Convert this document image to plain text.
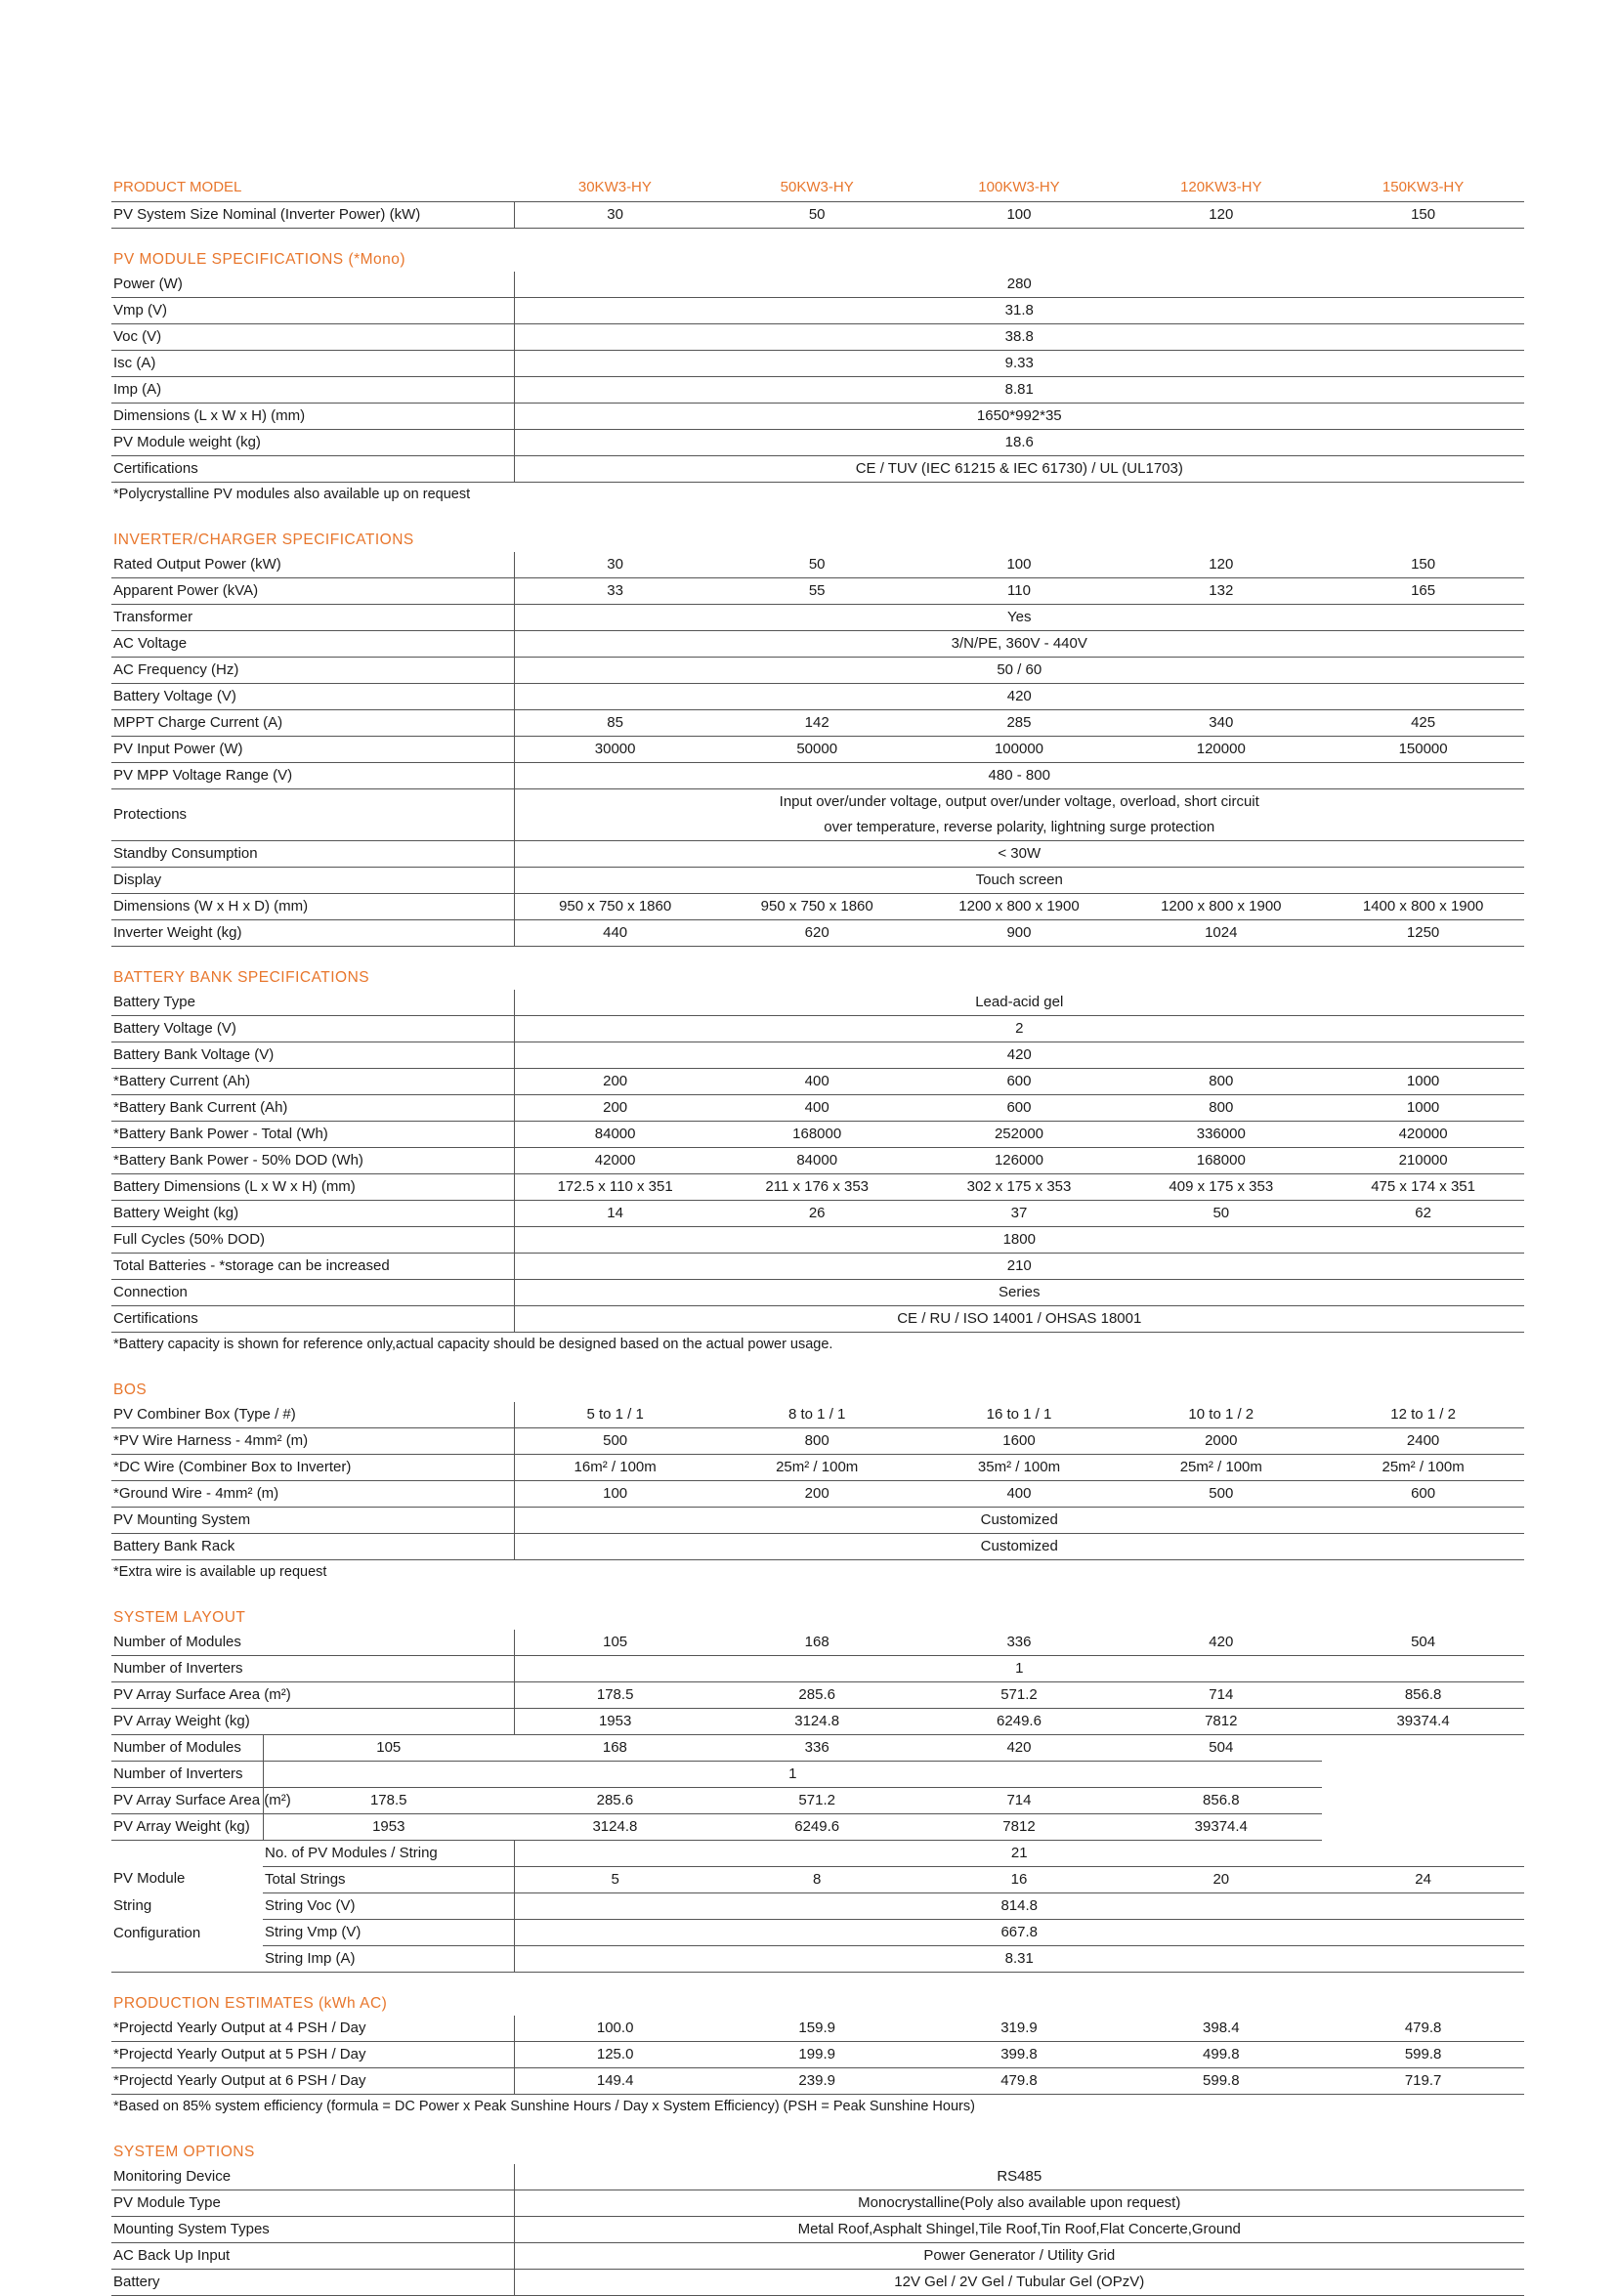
PRODUCT MODEL	30KW3-HY	50KW3-HY	100KW3-HY	120KW3-HY	150KW3-HY
PV System Size Nominal (Inverter Power) (kW)	30	50	100	120	150
PV MODULE SPECIFICATIONS (*Mono)
Power (W)	280
Vmp (V)	31.8
Voc (V)	38.8
Isc (A)	9.33
Imp (A)	8.81
Dimensions (L x W x H) (mm)	1650*992*35
PV Module weight (kg)	18.6
Certifications	CE / TUV (IEC 61215 & IEC 61730) / UL (UL1703)
*Polycrystalline PV modules also available up on request
INVERTER/CHARGER SPECIFICATIONS
Rated Output Power (kW)	30	50	100	120	150
Apparent Power (kVA)	33	55	110	132	165
Transformer	Yes				
AC Voltage	3/N/PE, 360V - 440V				
AC Frequency (Hz)	50 / 60				
Battery Voltage (V)	420				
MPPT Charge Current (A)	85	142	285	340	425
PV Input Power (W)	30000	50000	100000	120000	150000
PV MPP Voltage Range (V)	480 - 800				
Protections	Input over/under voltage, output over/under voltage, overload, short circuit
over temperature, reverse polarity, lightning surge protection				

Standby Consumption	< 30W				
Display	Touch screen				
Dimensions (W x H x D) (mm)	950 x 750 x 1860	950 x 750 x 1860	1200 x 800 x 1900	1200 x 800 x 1900	1400 x 800 x 1900
Inverter Weight (kg)	440	620	900	1024	1250
BATTERY BANK SPECIFICATIONS
Battery Type	Lead-acid gel				
Battery Voltage (V)	2				
Battery Bank Voltage (V)	420				
*Battery Current (Ah)	200	400	600	800	1000
*Battery Bank Current (Ah)	200	400	600	800	1000
*Battery Bank Power - Total (Wh)	84000	168000	252000	336000	420000
*Battery Bank Power - 50% DOD (Wh)	42000	84000	126000	168000	210000
Battery Dimensions (L x W x H) (mm)	172.5 x 110 x 351	211 x 176 x 353	302 x 175 x 353	409 x 175 x 353	475 x 174 x 351
Battery Weight (kg)	14	26	37	50	62
Full Cycles (50% DOD)	1800				
Total Batteries - *storage can be increased	210				
Connection	Series				
Certifications	CE / RU / ISO 14001 / OHSAS 18001				
*Battery capacity is shown for reference only,actual capacity should be designed based on the actual power usage.
BOS
PV Combiner Box (Type / #)	5 to 1 / 1	8 to 1 / 1	16 to 1 / 1	10 to 1 / 2	12 to 1 / 2
*PV Wire Harness - 4mm² (m)	500	800	1600	2000	2400
*DC Wire (Combiner Box to Inverter)	16m² / 100m	25m² / 100m	35m² / 100m	25m² / 100m	25m² / 100m
*Ground Wire - 4mm² (m)	100	200	400	500	600
PV Mounting System	Customized				
Battery Bank Rack	Customized				
*Extra wire is available up request
SYSTEM LAYOUT
Number of Modules	105	168	336	420	504
Number of Inverters	1				
PV Array Surface Area (m²)	178.5	285.6	571.2	714	856.8
PV Array Weight (kg)	1953	3124.8	6249.6	7812	39374.4
Number of Modules	105	168	336	420	504	
Number of Inverters	1					
PV Array Surface Area (m²)	178.5	285.6	571.2	714	856.8	
PV Array Weight (kg)	1953	3124.8	6249.6	7812	39374.4	

PV Module
String
Configuration	No. of PV Modules / String	21				
	Total Strings	5	8	16	20	24
	String Voc (V)	814.8				
	String Vmp (V)	667.8				
	String Imp (A)	8.31				
PRODUCTION ESTIMATES (kWh AC)
*Projectd Yearly Output at 4 PSH / Day	100.0	159.9	319.9	398.4	479.8
*Projectd Yearly Output at 5 PSH / Day	125.0	199.9	399.8	499.8	599.8
*Projectd Yearly Output at 6 PSH / Day	149.4	239.9	479.8	599.8	719.7
*Based on 85% system efficiency (formula = DC Power x Peak Sunshine Hours / Day x System Efficiency) (PSH = Peak Sunshine Hours)
SYSTEM OPTIONS
Monitoring Device	RS485
PV Module Type	Monocrystalline(Poly also available upon request)
Mounting System Types	Metal Roof,Asphalt Shingel,Tile Roof,Tin Roof,Flat Concerte,Ground
AC Back Up Input	Power Generator / Utility Grid
Battery	12V Gel / 2V Gel / Tubular Gel (OPzV)
